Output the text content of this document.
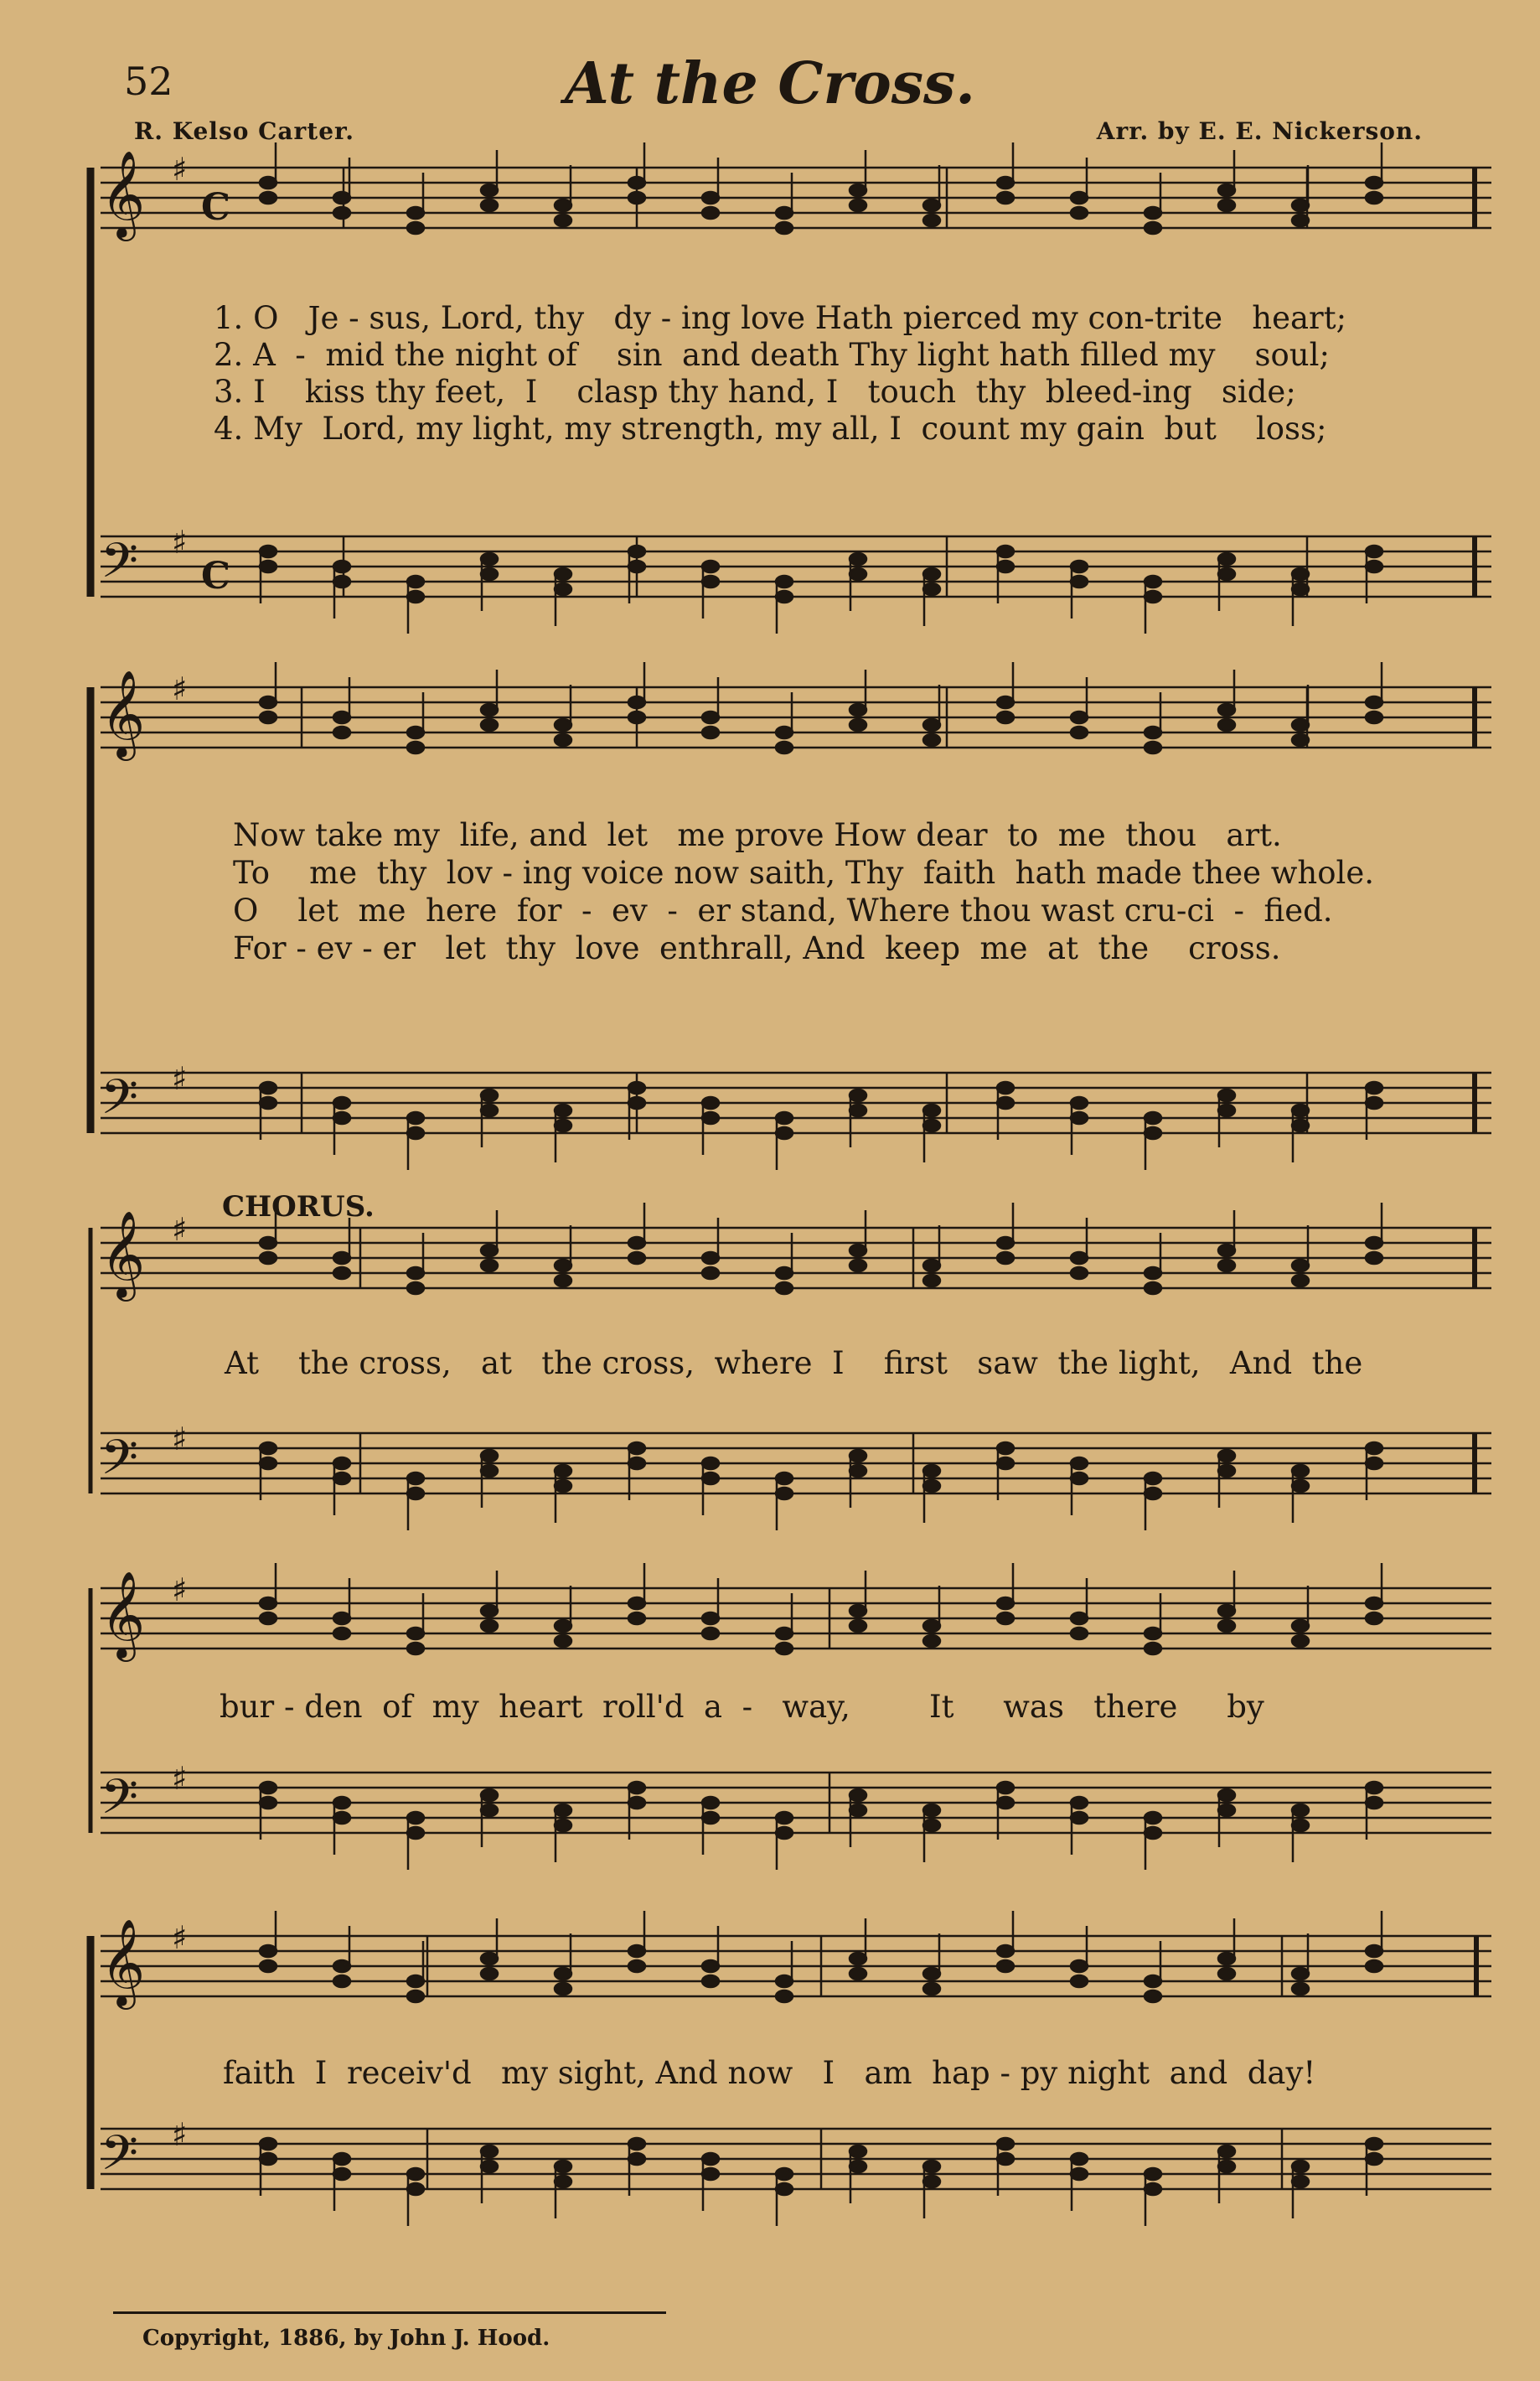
52	At the Cross.
R. Kelso Carter.	Arr. by E. E. Nickerson.
𝄞
𝄢
𝄞
𝄢
𝄞
𝄢
𝄞
𝄢
𝄞
𝄢
♯
♯
♯
♯
♯
♯
♯
♯
♯
♯
C
C
1. O   Je - sus, Lord, thy   dy - ing love Hath pierced my con-trite   heart;
2. A  -  mid the night of    sin  and death Thy light hath filled my    soul;
3. I    kiss thy feet,  I    clasp thy hand, I   touch  thy  bleed-ing   side;
4. My  Lord, my light, my strength, my all, I  count my gain  but    loss;
Now take my  life, and  let   me prove How dear  to  me  thou   art.
To    me  thy  lov - ing voice now saith, Thy  faith  hath made thee whole.
O    let  me  here  for  -  ev  -  er stand, Where thou wast cru-ci  -  fied.
For - ev - er   let  thy  love  enthrall, And  keep  me  at  the    cross.
CHORUS.
At    the cross,   at   the cross,  where  I    first   saw  the light,   And  the
bur - den  of  my  heart  roll'd  a  -   way,        It     was   there     by
faith  I  receiv'd   my sight, And now   I   am  hap - py night  and  day!
Copyright, 1886, by John J. Hood.
